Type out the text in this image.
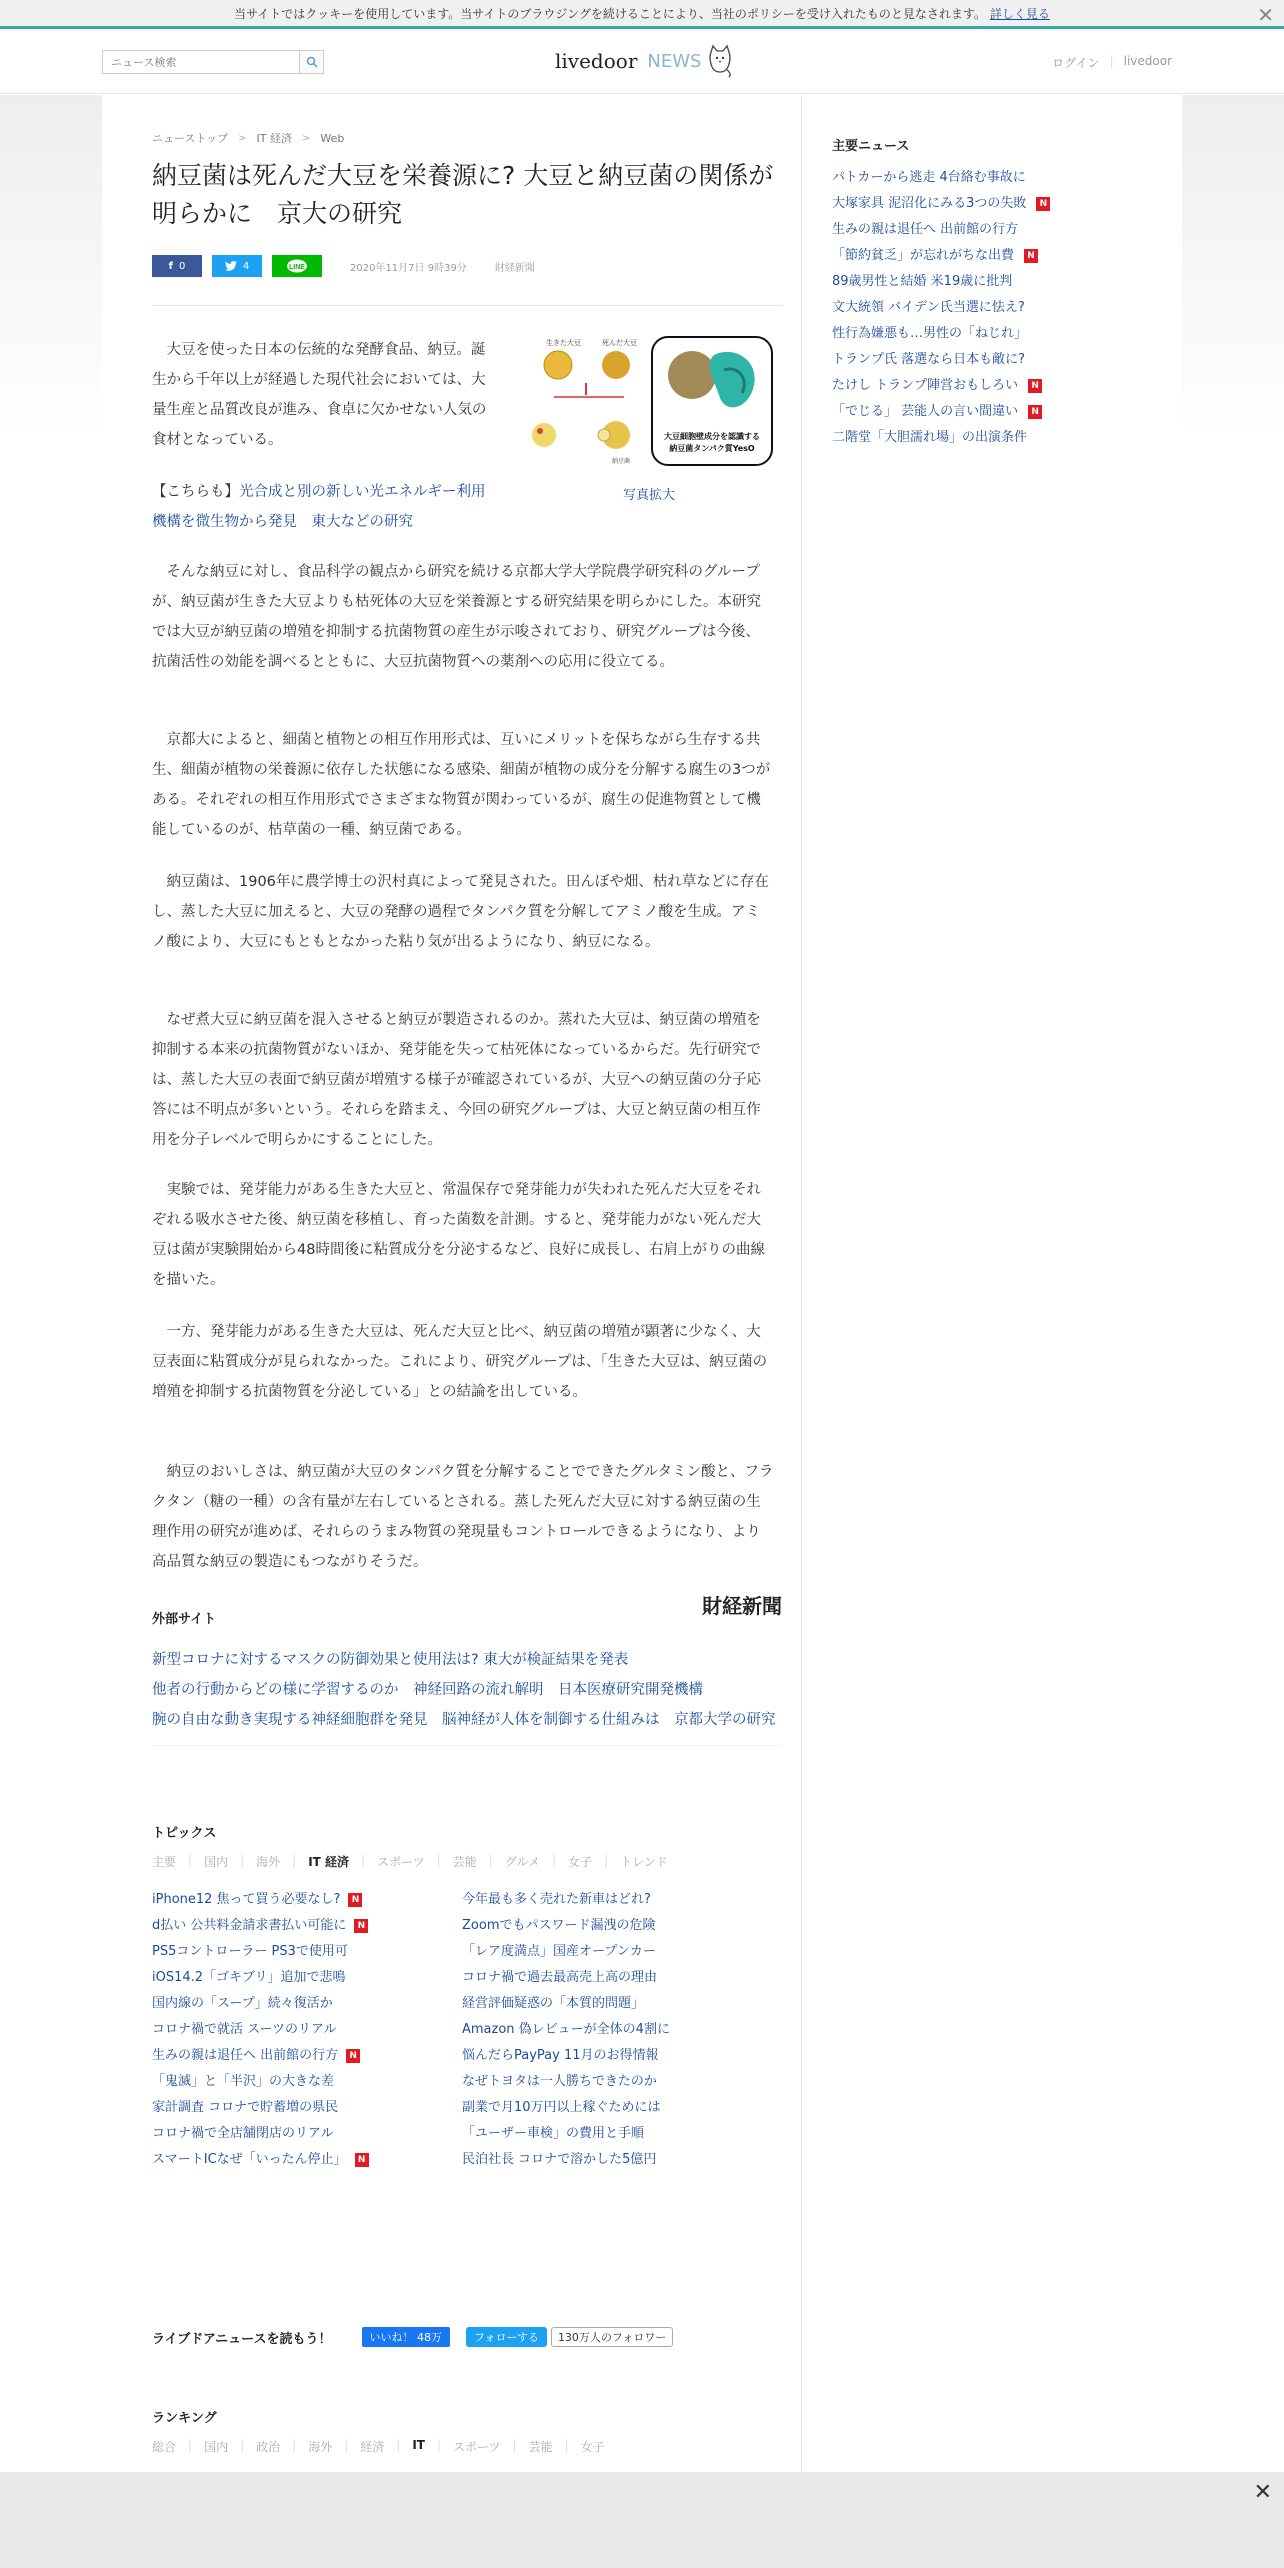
当サイトではクッキーを使用しています。当サイトのブラウジングを続けることにより、当社のポリシーを受け入れたものと見なされます。 詳しく見る	✕
ニュース検索
livedoor NEWS	ログイン | livedoor
ニューストップ > IT 経済 > Web
納豆菌は死んだ大豆を栄養源に? 大豆と納豆菌の関係が明らかに　京大の研究
f 0	4	LINE	2020年11月7日 9時39分	財経新聞

大豆を使った日本の伝統的な発酵食品、納豆。誕生から千年以上が経過した現代社会においては、大量生産と品質改良が進み、食卓に欠かせない人気の食材となっている。

【こちらも】光合成と別の新しい光エネルギー利用機構を微生物から発見　東大などの研究

生きた大豆	死んだ大豆
納豆菌
大豆細胞壁成分を認識する
納豆菌タンパク質YesO
写真拡大

そんな納豆に対し、食品科学の観点から研究を続ける京都大学大学院農学研究科のグループが、納豆菌が生きた大豆よりも枯死体の大豆を栄養源とする研究結果を明らかにした。本研究では大豆が納豆菌の増殖を抑制する抗菌物質の産生が示唆されており、研究グループは今後、抗菌活性の効能を調べるとともに、大豆抗菌物質への薬剤への応用に役立てる。

京都大によると、細菌と植物との相互作用形式は、互いにメリットを保ちながら生存する共生、細菌が植物の栄養源に依存した状態になる感染、細菌が植物の成分を分解する腐生の3つがある。それぞれの相互作用形式でさまざまな物質が関わっているが、腐生の促進物質として機能しているのが、枯草菌の一種、納豆菌である。

納豆菌は、1906年に農学博士の沢村真によって発見された。田んぼや畑、枯れ草などに存在し、蒸した大豆に加えると、大豆の発酵の過程でタンパク質を分解してアミノ酸を生成。アミノ酸により、大豆にもともとなかった粘り気が出るようになり、納豆になる。

なぜ煮大豆に納豆菌を混入させると納豆が製造されるのか。蒸れた大豆は、納豆菌の増殖を抑制する本来の抗菌物質がないほか、発芽能を失って枯死体になっているからだ。先行研究では、蒸した大豆の表面で納豆菌が増殖する様子が確認されているが、大豆への納豆菌の分子応答には不明点が多いという。それらを踏まえ、今回の研究グループは、大豆と納豆菌の相互作用を分子レベルで明らかにすることにした。

実験では、発芽能力がある生きた大豆と、常温保存で発芽能力が失われた死んだ大豆をそれぞれる吸水させた後、納豆菌を移植し、育った菌数を計測。すると、発芽能力がない死んだ大豆は菌が実験開始から48時間後に粘質成分を分泌するなど、良好に成長し、右肩上がりの曲線を描いた。

一方、発芽能力がある生きた大豆は、死んだ大豆と比べ、納豆菌の増殖が顕著に少なく、大豆表面に粘質成分が見られなかった。これにより、研究グループは、「生きた大豆は、納豆菌の増殖を抑制する抗菌物質を分泌している」との結論を出している。

納豆のおいしさは、納豆菌が大豆のタンパク質を分解することでできたグルタミン酸と、フラクタン（糖の一種）の含有量が左右しているとされる。蒸した死んだ大豆に対する納豆菌の生理作用の研究が進めば、それらのうまみ物質の発現量もコントロールできるようになり、より高品質な納豆の製造にもつながりそうだ。

財経新聞
外部サイト
新型コロナに対するマスクの防御効果と使用法は? 東大が検証結果を発表
他者の行動からどの様に学習するのか　神経回路の流れ解明　日本医療研究開発機構
腕の自由な動き実現する神経細胞群を発見　脳神経が人体を制御する仕組みは　京都大学の研究
トピックス
主要 | 国内 | 海外 | IT 経済 | スポーツ | 芸能 | グルメ | 女子 | トレンド
iPhone12 焦って買う必要なし?	N	今年最も多く売れた新車はどれ?
d払い 公共料金請求書払い可能に	N	Zoomでもパスワード漏洩の危険
PS5コントローラー PS3で使用可	「レア度満点」国産オープンカー
iOS14.2「ゴキブリ」追加で悲鳴	コロナ禍で過去最高売上高の理由
国内線の「スープ」続々復活か	経営評価疑惑の「本質的問題」
コロナ禍で就活 スーツのリアル	Amazon 偽レビューが全体の4割に
生みの親は退任へ 出前館の行方	N	悩んだらPayPay 11月のお得情報
「鬼滅」と「半沢」の大きな差	なぜトヨタは一人勝ちできたのか
家計調査 コロナで貯蓄増の県民	副業で月10万円以上稼ぐためには
コロナ禍で全店舗閉店のリアル	「ユーザー車検」の費用と手順
スマートICなぜ「いったん停止」	N	民泊社長 コロナで溶かした5億円
ライブドアニュースを読もう！	いいね！ 48万	フォローする	130万人のフォロワー
ランキング
総合 | 国内 | 政治 | 海外 | 経済 | IT | スポーツ | 芸能 | 女子
主要ニュース
パトカーから逃走 4台絡む事故に
大塚家具 泥沼化にみる3つの失敗	N
生みの親は退任へ 出前館の行方
「節約貧乏」が忘れがちな出費	N
89歳男性と結婚 米19歳に批判
文大統領 バイデン氏当選に怯え?
性行為嫌悪も…男性の「ねじれ」
トランプ氏 落選なら日本も敵に?
たけし トランプ陣営おもしろい	N
「でじる」 芸能人の言い間違い	N
二階堂「大胆濡れ場」の出演条件
✕
